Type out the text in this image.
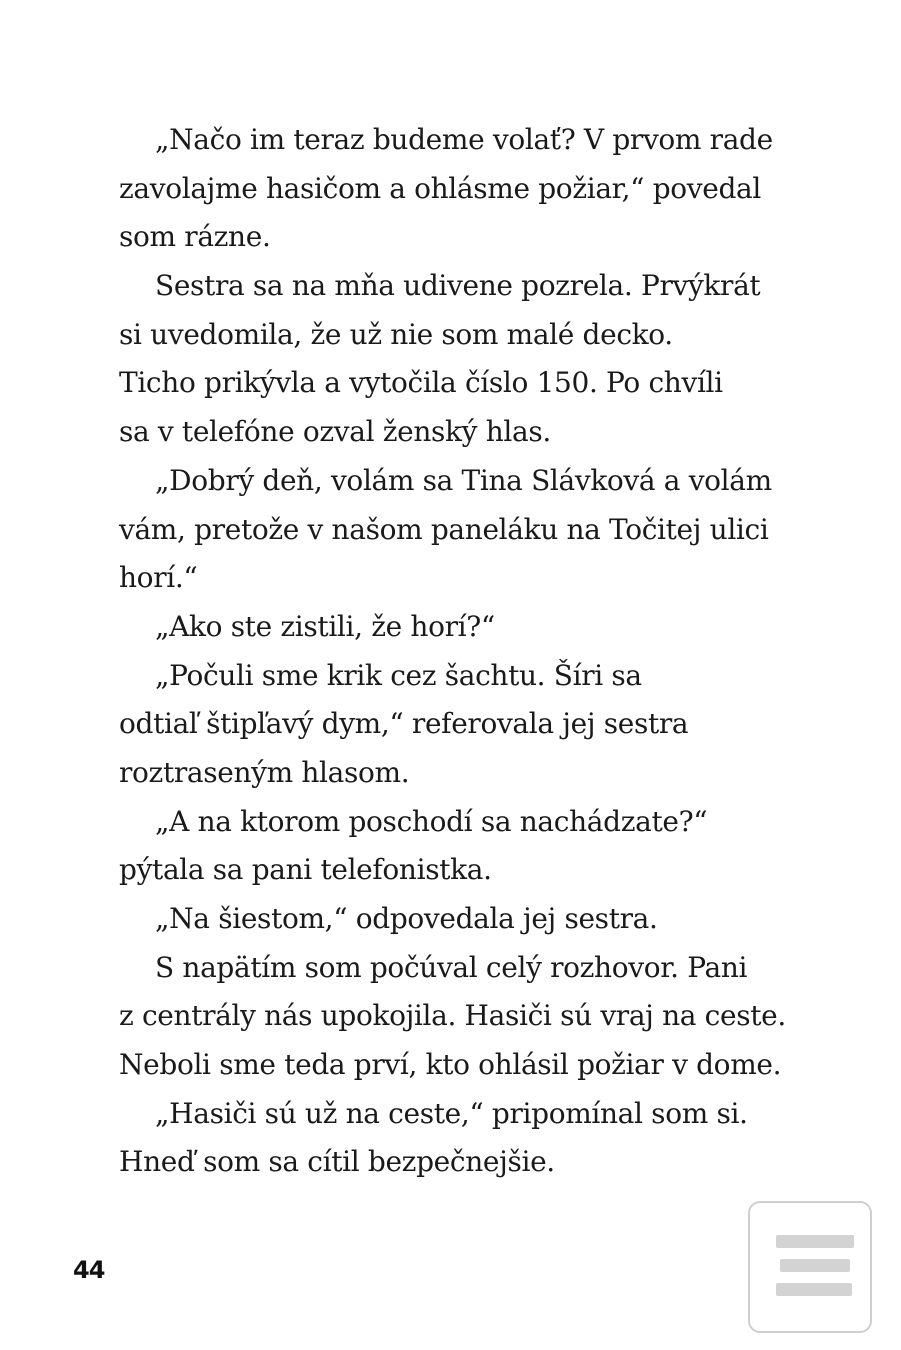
„Načo im teraz budeme volať? V prvom rade
zavolajme hasičom a ohlásme požiar,“ povedal
som rázne.
Sestra sa na mňa udivene pozrela. Prvýkrát
si uvedomila, že už nie som malé decko.
Ticho prikývla a vytočila číslo 150. Po chvíli
sa v telefóne ozval ženský hlas.
„Dobrý deň, volám sa Tina Slávková a volám
vám, pretože v našom paneláku na Točitej ulici
horí.“
„Ako ste zistili, že horí?“
„Počuli sme krik cez šachtu. Šíri sa
odtiaľ štipľavý dym,“ referovala jej sestra
roztraseným hlasom.
„A na ktorom poschodí sa nachádzate?“
pýtala sa pani telefonistka.
„Na šiestom,“ odpovedala jej sestra.
S napätím som počúval celý rozhovor. Pani
z centrály nás upokojila. Hasiči sú vraj na ceste.
Neboli sme teda prví, kto ohlásil požiar v dome.
„Hasiči sú už na ceste,“ pripomínal som si.
Hneď som sa cítil bezpečnejšie.
44
